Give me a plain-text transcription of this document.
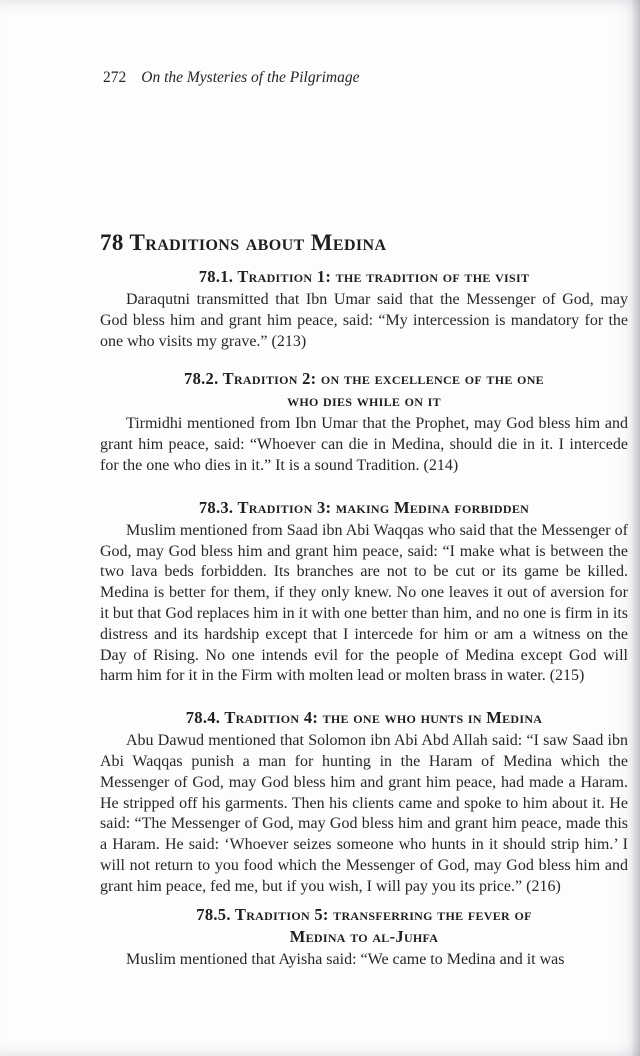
272 On the Mysteries of the Pilgrimage
78 Traditions about Medina
78.1. Tradition 1: the tradition of the visit

Daraqutni transmitted that Ibn Umar said that the Messenger of God, may God bless him and grant him peace, said: “My intercession is mandatory for the one who visits my grave.” (213)

78.2. Tradition 2: on the excellence of the one
who dies while on it

Tirmidhi mentioned from Ibn Umar that the Prophet, may God bless him and grant him peace, said: “Whoever can die in Medina, should die in it. I intercede for the one who dies in it.” It is a sound Tradition. (214)

78.3. Tradition 3: making Medina forbidden

Muslim mentioned from Saad ibn Abi Waqqas who said that the Messenger of God, may God bless him and grant him peace, said: “I make what is between the two lava beds forbidden. Its branches are not to be cut or its game be killed. Medina is better for them, if they only knew. No one leaves it out of aversion for it but that God replaces him in it with one better than him, and no one is firm in its distress and its hardship except that I intercede for him or am a witness on the Day of Rising. No one intends evil for the people of Medina except God will harm him for it in the Firm with molten lead or molten brass in water. (215)

78.4. Tradition 4: the one who hunts in Medina

Abu Dawud mentioned that Solomon ibn Abi Abd Allah said: “I saw Saad ibn Abi Waqqas punish a man for hunting in the Haram of Medina which the Messenger of God, may God bless him and grant him peace, had made a Haram. He stripped off his garments. Then his clients came and spoke to him about it. He said: “The Messenger of God, may God bless him and grant him peace, made this a Haram. He said: ‘Whoever seizes someone who hunts in it should strip him.’ I will not return to you food which the Messenger of God, may God bless him and grant him peace, fed me, but if you wish, I will pay you its price.” (216)

78.5. Tradition 5: transferring the fever of
Medina to al-Juhfa

Muslim mentioned that Ayisha said: “We came to Medina and it was
